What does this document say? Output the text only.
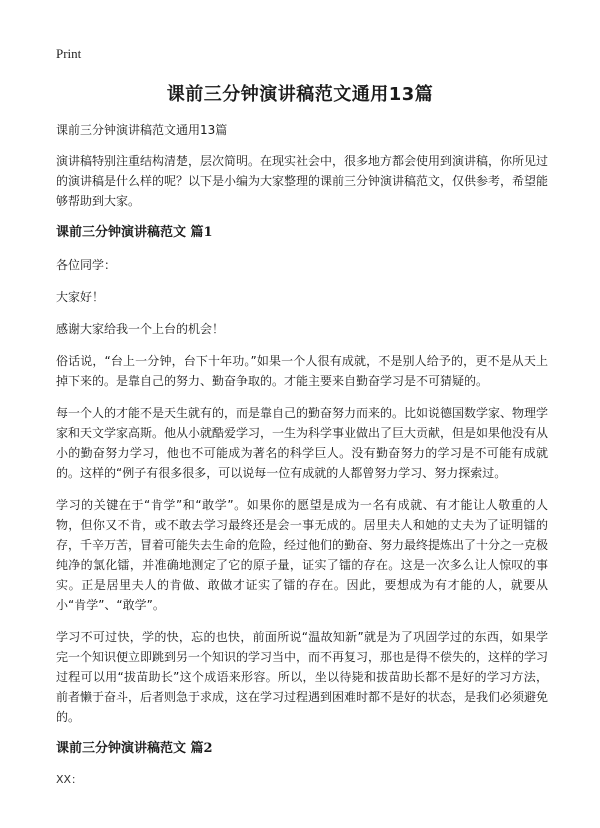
Print
课前三分钟演讲稿范文通用13篇
课前三分钟演讲稿范文通用13篇
演讲稿特别注重结构清楚，层次简明。在现实社会中，很多地方都会使用到演讲稿，你所见过的演讲稿是什么样的呢？以下是小编为大家整理的课前三分钟演讲稿范文，仅供参考，希望能够帮助到大家。
课前三分钟演讲稿范文 篇1
各位同学：
大家好！
感谢大家给我一个上台的机会！
俗话说，“台上一分钟，台下十年功。”如果一个人很有成就，不是别人给予的，更不是从天上掉下来的。是靠自己的努力、勤奋争取的。才能主要来自勤奋学习是不可猜疑的。
每一个人的才能不是天生就有的，而是靠自己的勤奋努力而来的。比如说德国数学家、物理学家和天文学家高斯。他从小就酷爱学习，一生为科学事业做出了巨大贡献，但是如果他没有从小的勤奋努力学习，他也不可能成为著名的科学巨人。没有勤奋努力的学习是不可能有成就的。这样的“例子有很多很多，可以说每一位有成就的人都曾努力学习、努力探索过。
学习的关键在于“肯学”和“敢学”。如果你的愿望是成为一名有成就、有才能让人敬重的人物，但你又不肯，或不敢去学习最终还是会一事无成的。居里夫人和她的丈夫为了证明镭的存，千辛万苦，冒着可能失去生命的危险，经过他们的勤奋、努力最终提炼出了十分之一克极纯净的氯化镭，并准确地测定了它的原子量，证实了镭的存在。这是一次多么让人惊叹的事实。正是居里夫人的肯做、敢做才证实了镭的存在。因此，要想成为有才能的人，就要从小“肯学”、“敢学”。
学习不可过快，学的快，忘的也快，前面所说“温故知新”就是为了巩固学过的东西，如果学完一个知识便立即跳到另一个知识的学习当中，而不再复习，那也是得不偿失的，这样的学习过程可以用“拔苗助长”这个成语来形容。所以，坐以待毙和拔苗助长都不是好的学习方法，前者懒于奋斗，后者则急于求成，这在学习过程遇到困难时都不是好的状态，是我们必须避免的。
课前三分钟演讲稿范文 篇2
XX：
